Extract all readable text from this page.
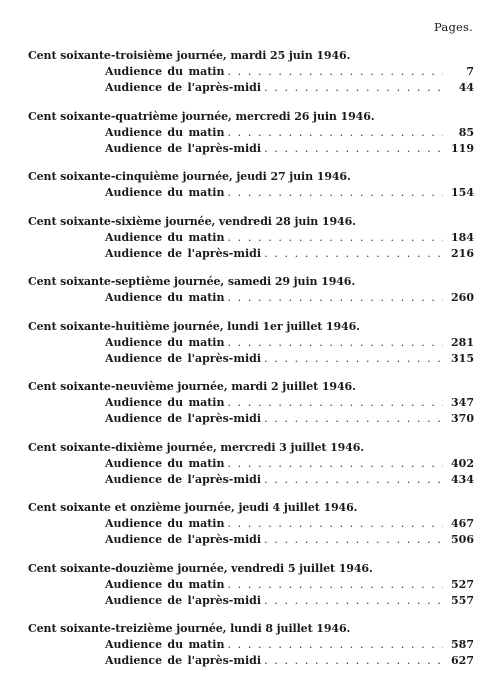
Pages.
Cent soixante-troisième journée, mardi 25 juin 1946.
Audience du matin . . .	7
Audience de l'après-midi . . .	44
Cent soixante-quatrième journée, mercredi 26 juin 1946.
Audience du matin . . .	85
Audience de l'après-midi . . .	119
Cent soixante-cinquième journée, jeudi 27 juin 1946.
Audience du matin . . .	154
Cent soixante-sixième journée, vendredi 28 juin 1946.
Audience du matin . . .	184
Audience de l'après-midi . . .	216
Cent soixante-septième journée, samedi 29 juin 1946.
Audience du matin . . .	260
Cent soixante-huitième journée, lundi 1er juillet 1946.
Audience du matin . . .	281
Audience de l'après-midi . . .	315
Cent soixante-neuvième journée, mardi 2 juillet 1946.
Audience du matin . . .	347
Audience de l'après-midi . . .	370
Cent soixante-dixième journée, mercredi 3 juillet 1946.
Audience du matin . . .	402
Audience de l'après-midi . . .	434
Cent soixante et onzième journée, jeudi 4 juillet 1946.
Audience du matin . . .	467
Audience de l'après-midi . . .	506
Cent soixante-douzième journée, vendredi 5 juillet 1946.
Audience du matin . . .	527
Audience de l'après-midi . . .	557
Cent soixante-treizième journée, lundi 8 juillet 1946.
Audience du matin . . .	587
Audience de l'après-midi . . .	627
